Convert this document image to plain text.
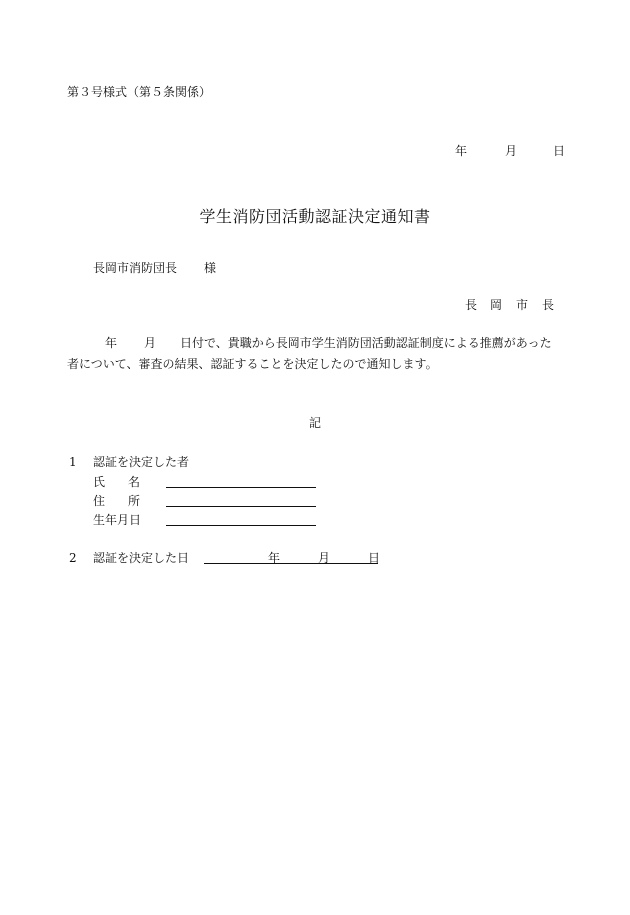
第３号様式（第５条関係）
年	月	日
学生消防団活動認証決定通知書
長岡市消防団長 様
長 岡 市 長
年 月 日付で、貴職から長岡市学生消防団活動認証制度による推薦があった
者について、審査の結果、認証することを決定したので通知します。
記
1 認証を決定した者
氏 名
住 所
生年月日
2 認証を決定した日	年	月	日
